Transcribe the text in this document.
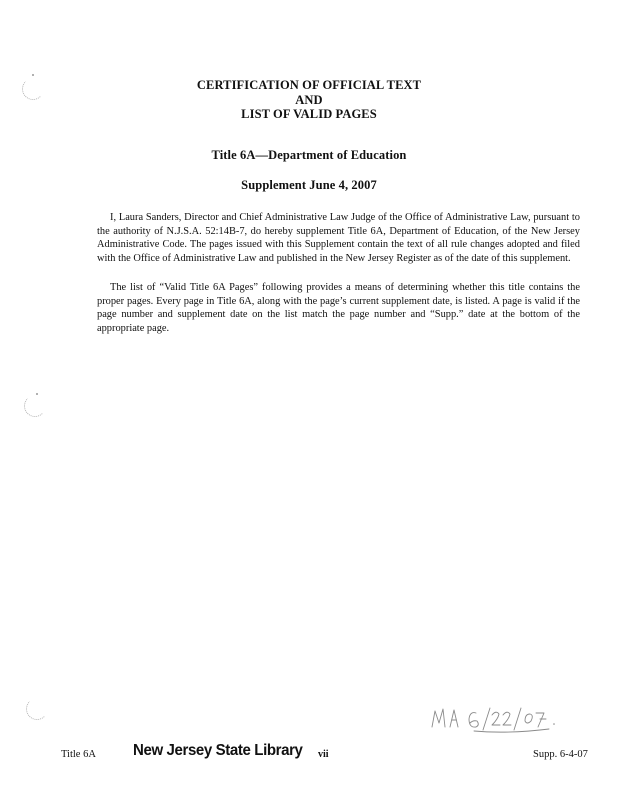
CERTIFICATION OF OFFICIAL TEXT
AND
LIST OF VALID PAGES
Title 6A—Department of Education
Supplement June 4, 2007

I, Laura Sanders, Director and Chief Administrative Law Judge of the Office of Administrative Law, pursuant to the authority of N.J.S.A. 52:14B-7, do hereby supplement Title 6A, Department of Education, of the New Jersey Administrative Code. The pages issued with this Supplement contain the text of all rule changes adopted and filed with the Office of Administrative Law and published in the New Jersey Register as of the date of this supplement.

The list of “Valid Title 6A Pages” following provides a means of determining whether this title contains the proper pages. Every page in Title 6A, along with the page’s current supplement date, is listed. A page is valid if the page number and supplement date on the list match the page number and “Supp.” date at the bottom of the appropriate page.

Title 6A New Jersey State Library vii	Supp. 6-4-07
